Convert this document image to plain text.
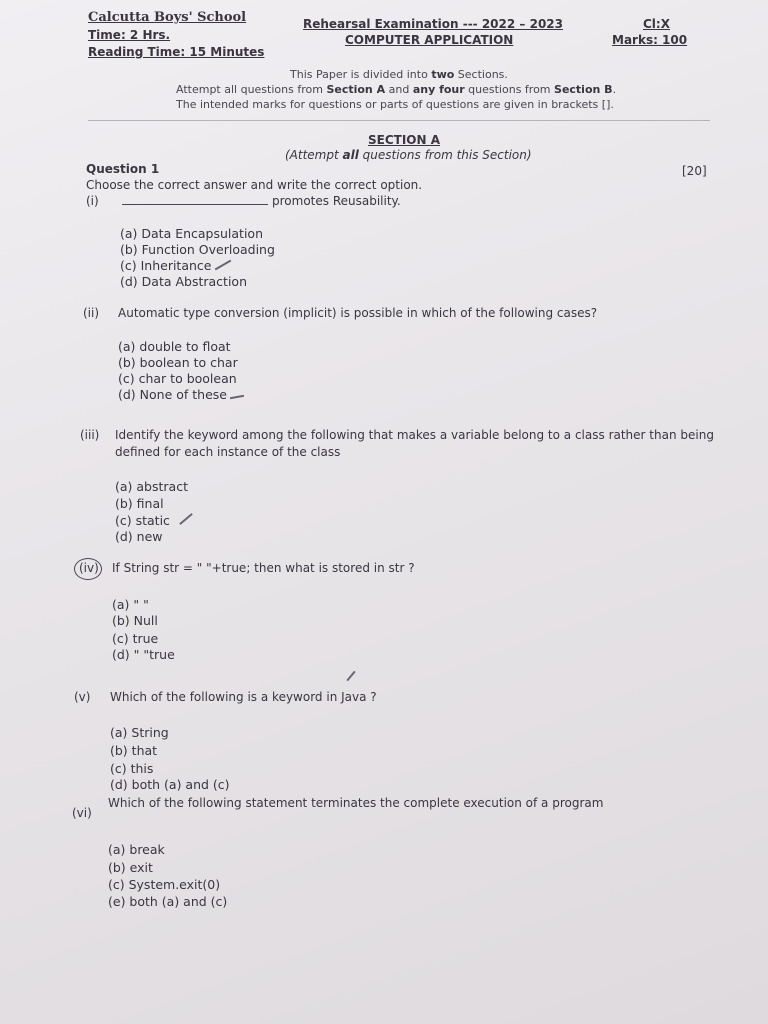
Calcutta Boys' School
Time: 2 Hrs.
Reading Time: 15 Minutes
Rehearsal Examination --- 2022 – 2023
COMPUTER APPLICATION
Cl:X
Marks: 100
This Paper is divided into two Sections.
Attempt all questions from Section A and any four questions from Section B.
The intended marks for questions or parts of questions are given in brackets [].
SECTION A
(Attempt all questions from this Section)
Question 1	[20]
Choose the correct answer and write the correct option.
(i)	promotes Reusability.
(a) Data Encapsulation
(b) Function Overloading
(c) Inheritance
(d) Data Abstraction
(ii) Automatic type conversion (implicit) is possible in which of the following cases?
(a) double to float
(b) boolean to char
(c) char to boolean
(d) None of these
(iii) Identify the keyword among the following that makes a variable belong to a class rather than being
defined for each instance of the class
(a) abstract
(b) final
(c) static
(d) new
(iv) If String str = " "+true; then what is stored in str ?
(a) " "
(b) Null
(c) true
(d) " "true
(v) Which of the following is a keyword in Java ?
(a) String
(b) that
(c) this
(d) both (a) and (c)
(vi)
Which of the following statement terminates the complete execution of a program
(a) break
(b) exit
(c) System.exit(0)
(e) both (a) and (c)
